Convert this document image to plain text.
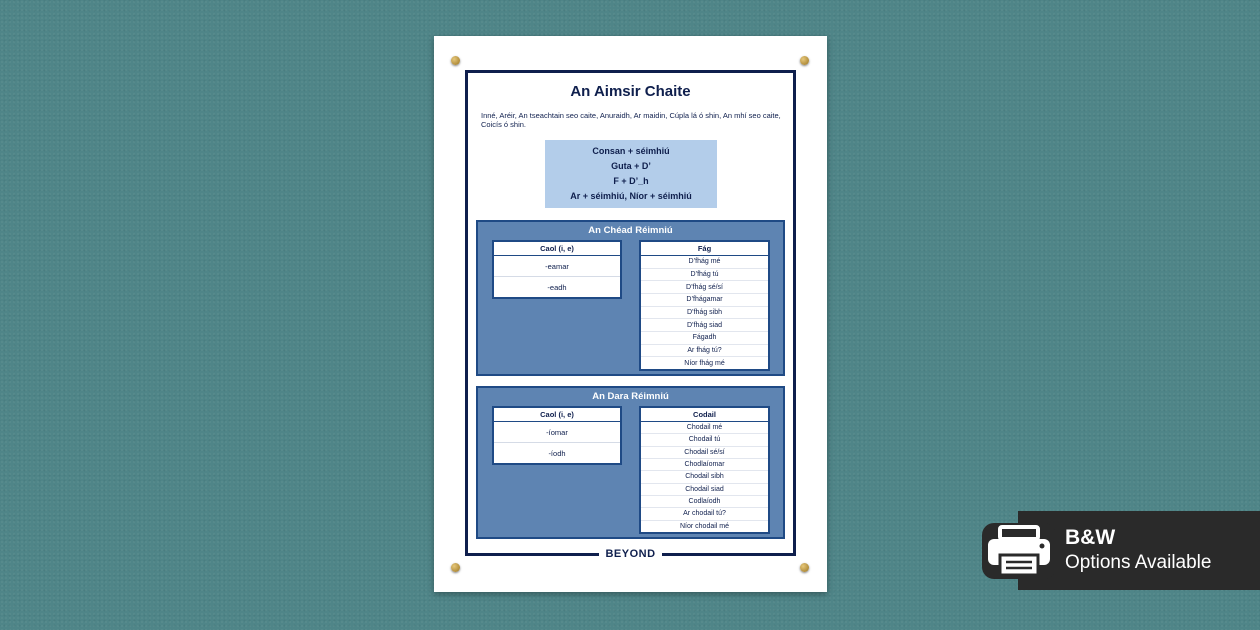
An Aimsir Chaite
Inné, Aréir, An tseachtain seo caite, Anuraidh, Ar maidin, Cúpla lá ó shin, An mhí seo caite, Coicís ó shin.
Consan + séimhiú
Guta + D’
F + D’_h
Ar + séimhiú, Níor + séimhiú
An Chéad Réimniú
Caol (i, e)
-eamar
-eadh
Fág
D’fhág mé
D’fhág tú
D’fhág sé/sí
D’fhágamar
D’fhág sibh
D’fhág siad
Fágadh
Ar fhág tú?
Níor fhág mé
An Dara Réimniú
Caol (i, e)
-íomar
-íodh
Codail
Chodail mé
Chodail tú
Chodail sé/sí
Chodlaíomar
Chodail sibh
Chodail siad
Codlaíodh
Ar chodail tú?
Níor chodail mé
BEYOND
B&W
Options Available
